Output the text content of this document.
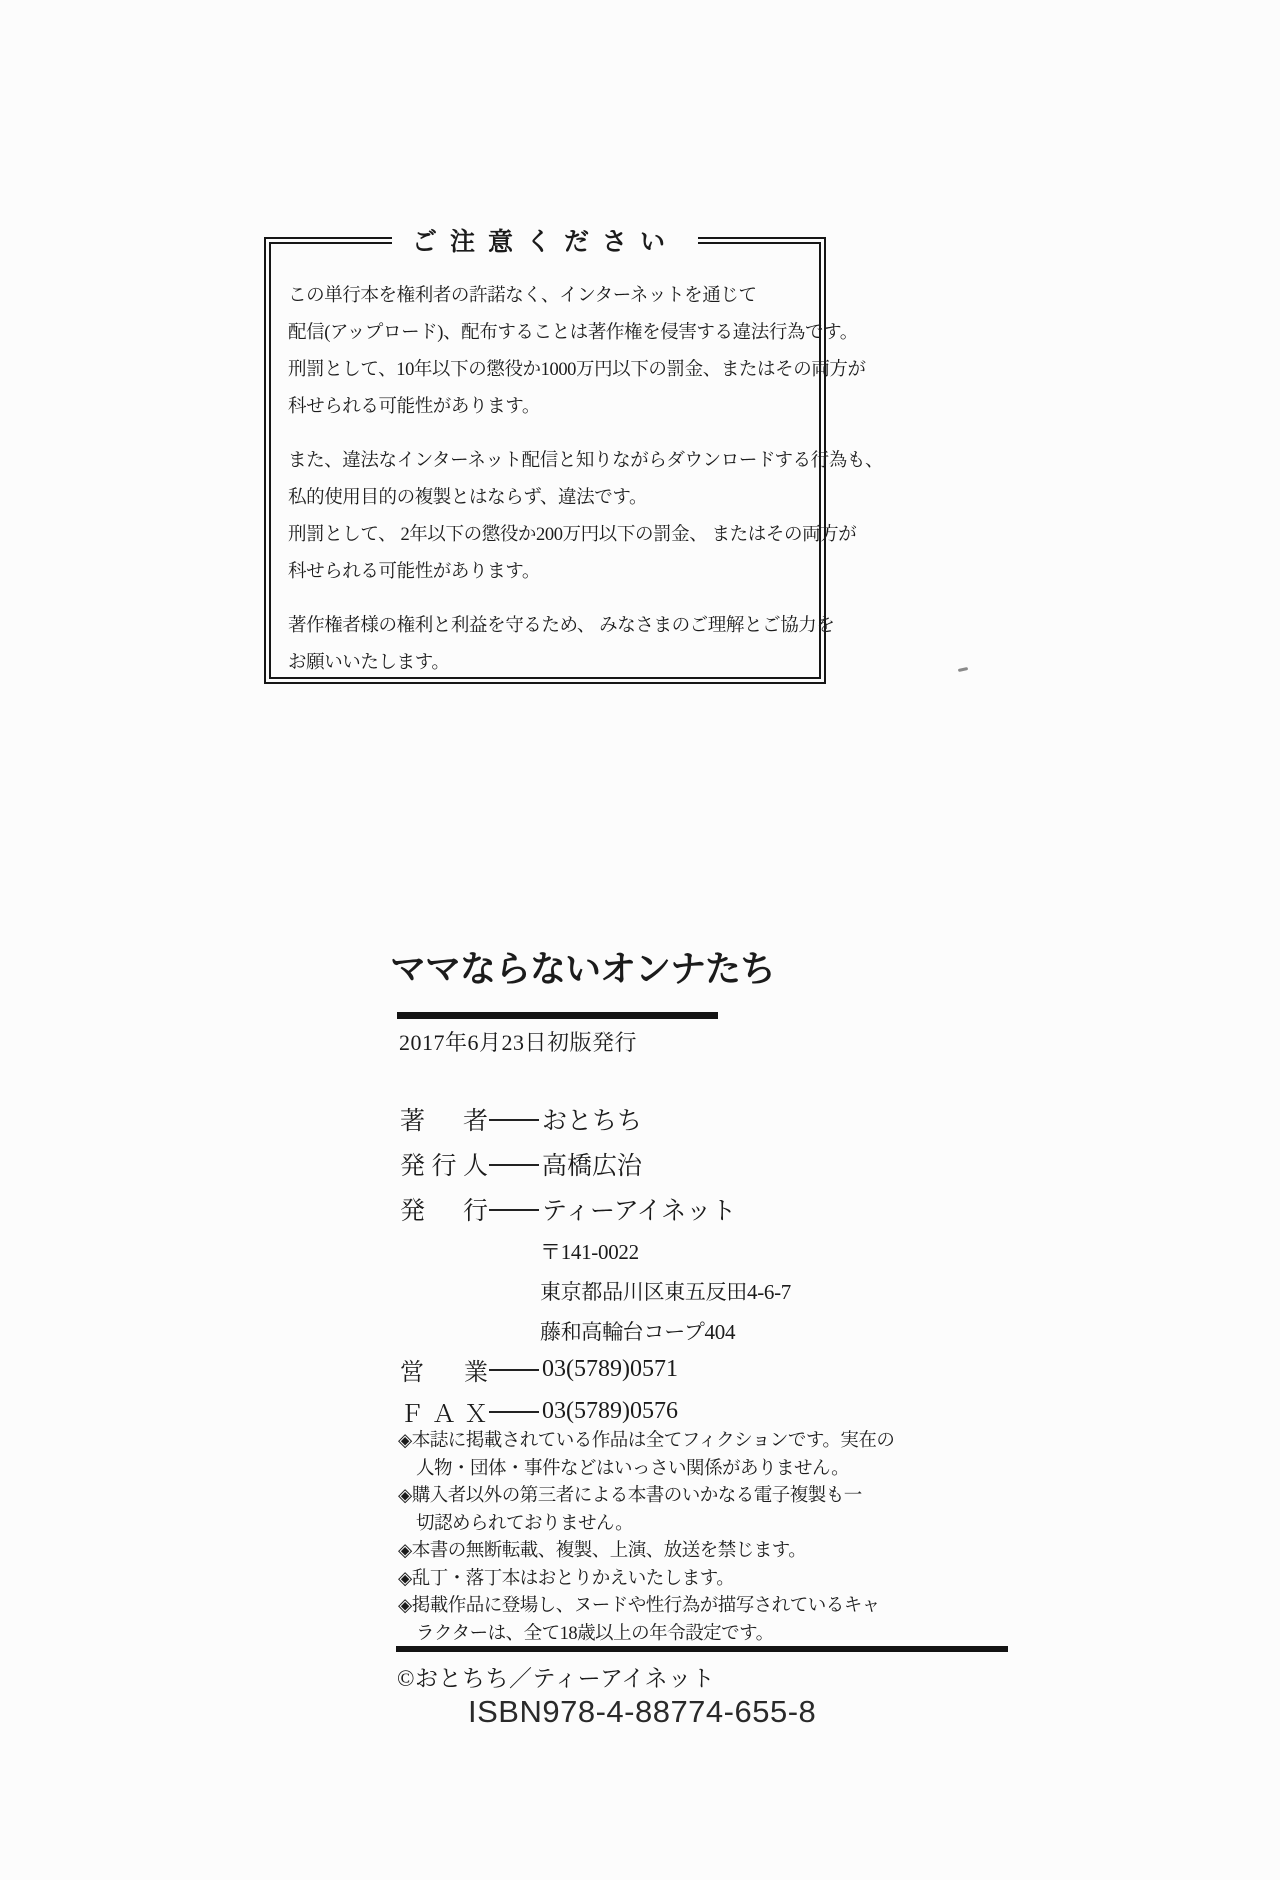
ご注意ください
この単行本を権利者の許諾なく、インターネットを通じて
配信(アップロード)、配布することは著作権を侵害する違法行為です。
刑罰として、10年以下の懲役か1000万円以下の罰金、またはその両方が
科せられる可能性があります。
また、違法なインターネット配信と知りながらダウンロードする行為も、
私的使用目的の複製とはならず、違法です。
刑罰として、 2年以下の懲役か200万円以下の罰金、 またはその両方が
科せられる可能性があります。
著作権者様の権利と利益を守るため、 みなさまのご理解とご協力を
お願いいたします。
ママならないオンナたち
2017年6月23日初版発行
著　者 おとちち
発行人 高橋広治
発　行 ティーアイネット
〒141-0022
東京都品川区東五反田4-6-7
藤和高輪台コープ404
営　業 03(5789)0571
ＦＡＸ 03(5789)0576
◈本誌に掲載されている作品は全てフィクションです。実在の
　人物・団体・事件などはいっさい関係がありません。
◈購入者以外の第三者による本書のいかなる電子複製も一
　切認められておりません。
◈本書の無断転載、複製、上演、放送を禁じます。
◈乱丁・落丁本はおとりかえいたします。
◈掲載作品に登場し、ヌードや性行為が描写されているキャ
　ラクターは、全て18歳以上の年令設定です。
©おとちち／ティーアイネット
ISBN978-4-88774-655-8
